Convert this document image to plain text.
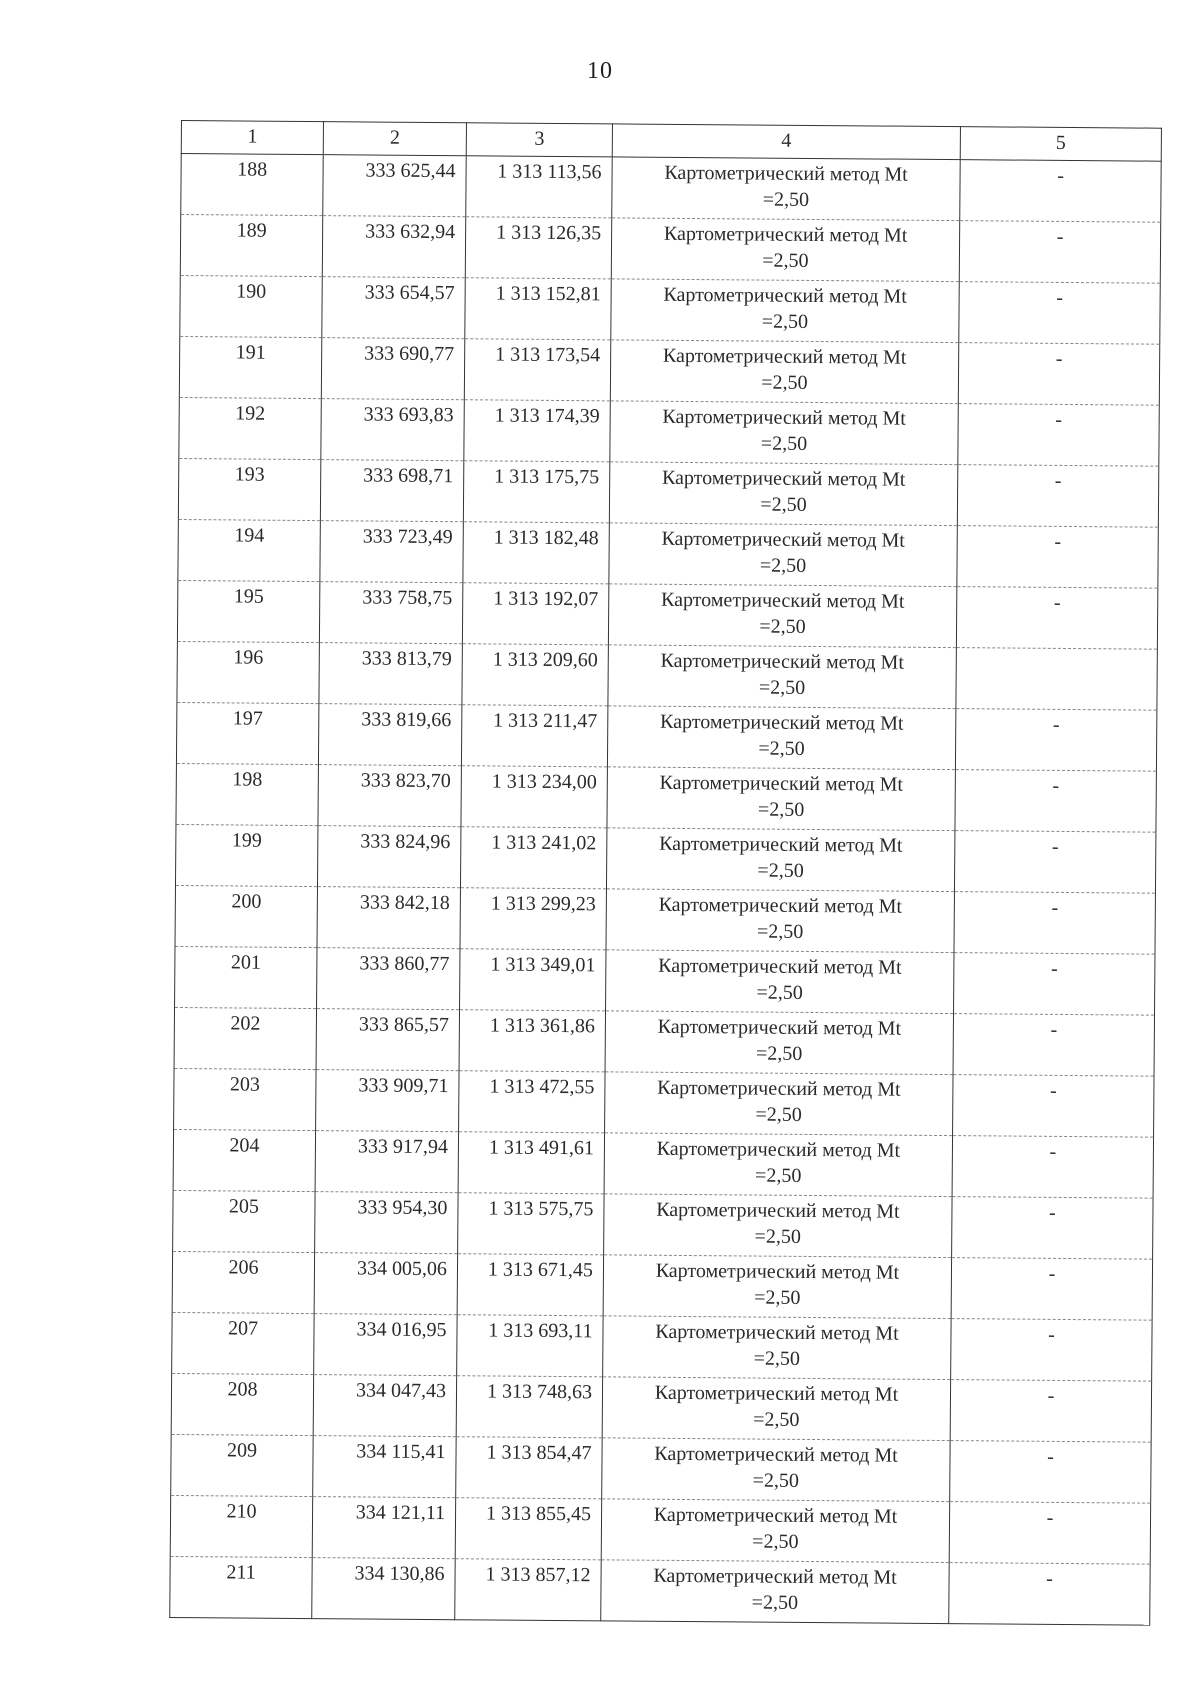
10
1	2	3	4	5
188	333 625,44	1 313 113,56	Картометрический метод Mt
=2,50	-
189	333 632,94	1 313 126,35	Картометрический метод Mt
=2,50	-
190	333 654,57	1 313 152,81	Картометрический метод Mt
=2,50	-
191	333 690,77	1 313 173,54	Картометрический метод Mt
=2,50	-
192	333 693,83	1 313 174,39	Картометрический метод Mt
=2,50	-
193	333 698,71	1 313 175,75	Картометрический метод Mt
=2,50	-
194	333 723,49	1 313 182,48	Картометрический метод Mt
=2,50	-
195	333 758,75	1 313 192,07	Картометрический метод Mt
=2,50	-
196	333 813,79	1 313 209,60	Картометрический метод Mt
=2,50	

197	333 819,66	1 313 211,47	Картометрический метод Mt
=2,50	-
198	333 823,70	1 313 234,00	Картометрический метод Mt
=2,50	-
199	333 824,96	1 313 241,02	Картометрический метод Mt
=2,50	-
200	333 842,18	1 313 299,23	Картометрический метод Mt
=2,50	-
201	333 860,77	1 313 349,01	Картометрический метод Mt
=2,50	-
202	333 865,57	1 313 361,86	Картометрический метод Mt
=2,50	-
203	333 909,71	1 313 472,55	Картометрический метод Mt
=2,50	-
204	333 917,94	1 313 491,61	Картометрический метод Mt
=2,50	-
205	333 954,30	1 313 575,75	Картометрический метод Mt
=2,50	-
206	334 005,06	1 313 671,45	Картометрический метод Mt
=2,50	-
207	334 016,95	1 313 693,11	Картометрический метод Mt
=2,50	-
208	334 047,43	1 313 748,63	Картометрический метод Mt
=2,50	-
209	334 115,41	1 313 854,47	Картометрический метод Mt
=2,50	-
210	334 121,11	1 313 855,45	Картометрический метод Mt
=2,50	-
211	334 130,86	1 313 857,12	Картометрический метод Mt
=2,50	-
